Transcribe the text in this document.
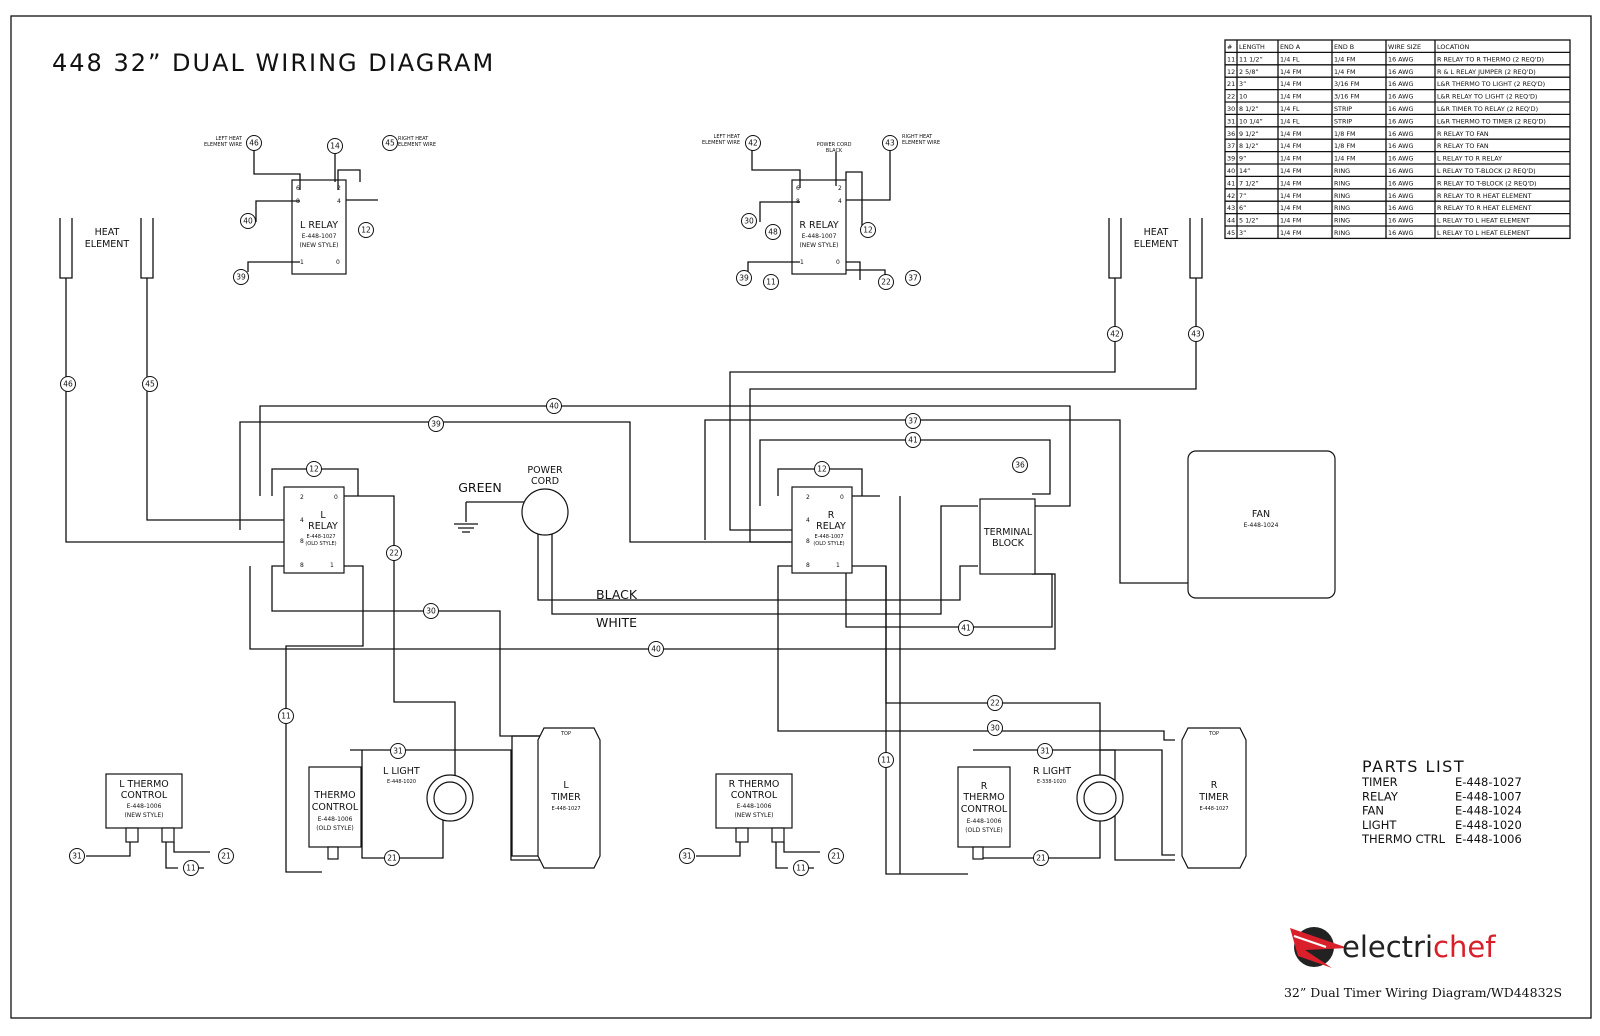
448 32” DUAL WIRING DIAGRAM
# LENGTH END A	END B	WIRE SIZE LOCATION
11 11 1/2”	1/4 FL	1/4 FM	16 AWG	R RELAY TO R THERMO (2 REQ'D)
12 2 5/8”	1/4 FM	1/4 FM	16 AWG	R & L RELAY JUMPER (2 REQ'D)
21 3”	1/4 FM	3/16 FM	16 AWG	L&R THERMO TO LIGHT (2 REQ'D)
22 10	1/4 FM	3/16 FM	16 AWG	L&R RELAY TO LIGHT (2 REQ'D)
30 8 1/2”	1/4 FL	STRIP	16 AWG	L&R TIMER TO RELAY (2 REQ'D)
31 10 1/4”	1/4 FL	STRIP	16 AWG	L&R THERMO TO TIMER (2 REQ'D)
36 9 1/2”	1/4 FM	1/8 FM	16 AWG	R RELAY TO FAN
37 8 1/2”	1/4 FM	1/8 FM	16 AWG	R RELAY TO FAN
39 9”	1/4 FM	1/4 FM	16 AWG	L RELAY TO R RELAY
40 14”	1/4 FM	RING	16 AWG	L RELAY TO T-BLOCK (2 REQ'D)
41 7 1/2”	1/4 FM	RING	16 AWG	R RELAY TO T-BLOCK (2 REQ'D)
42 7”	1/4 FM	RING	16 AWG	R RELAY TO R HEAT ELEMENT
43 6”	1/4 FM	RING	16 AWG	R RELAY TO R HEAT ELEMENT
44 5 1/2”	1/4 FM	RING	16 AWG	L RELAY TO L HEAT ELEMENT
45 3”	1/4 FM	RING	16 AWG	L RELAY TO L HEAT ELEMENT
L RELAY
E-448-1007
(NEW STYLE)
6	2
8	4
1	0
R RELAY
E-448-1007
(NEW STYLE)
6	2
8	4
1	0
L
RELAY
E-448-1027
(OLD STYLE)
2	0
4
8
8	1
R
RELAY
E-448-1007
(OLD STYLE)
2	0
4
8
8	1
TERMINAL
BLOCK
FAN
E-448-1024
POWER
CORD
GREEN
BLACK
WHITE
HEAT
ELEMENT
HEAT
ELEMENT
LEFT HEAT
ELEMENT WIRE
RIGHT HEAT
ELEMENT WIRE
LEFT HEAT
ELEMENT WIRE	POWER CORD
BLACK
RIGHT HEAT
ELEMENT WIRE
L THERMO
CONTROL
E-448-1006
(NEW STYLE)
R THERMO
CONTROL
E-448-1006
(NEW STYLE)
THERMO
CONTROL
E-448-1006
(OLD STYLE)
R
THERMO
CONTROL
E-448-1006
(OLD STYLE)
L LIGHT
E-448-1020
R LIGHT
E-338-1020
L
TIMER
E-448-1027
TOP
R
TIMER
E-448-1027
TOP
46	14	45
40
12
39
42	43
30
48	12
39 11	22 37
46	45
42	43
40
39	37
41
36
12	12
22
30
41
40
11
11
22
30
31	31
21	21
31	21
11
31	21
11
PARTS LIST
TIMER	E-448-1027
RELAY	E-448-1007
FAN	E-448-1024
LIGHT	E-448-1020
THERMO CTRL E-448-1006
electrichef
32” Dual Timer Wiring Diagram/WD44832S
